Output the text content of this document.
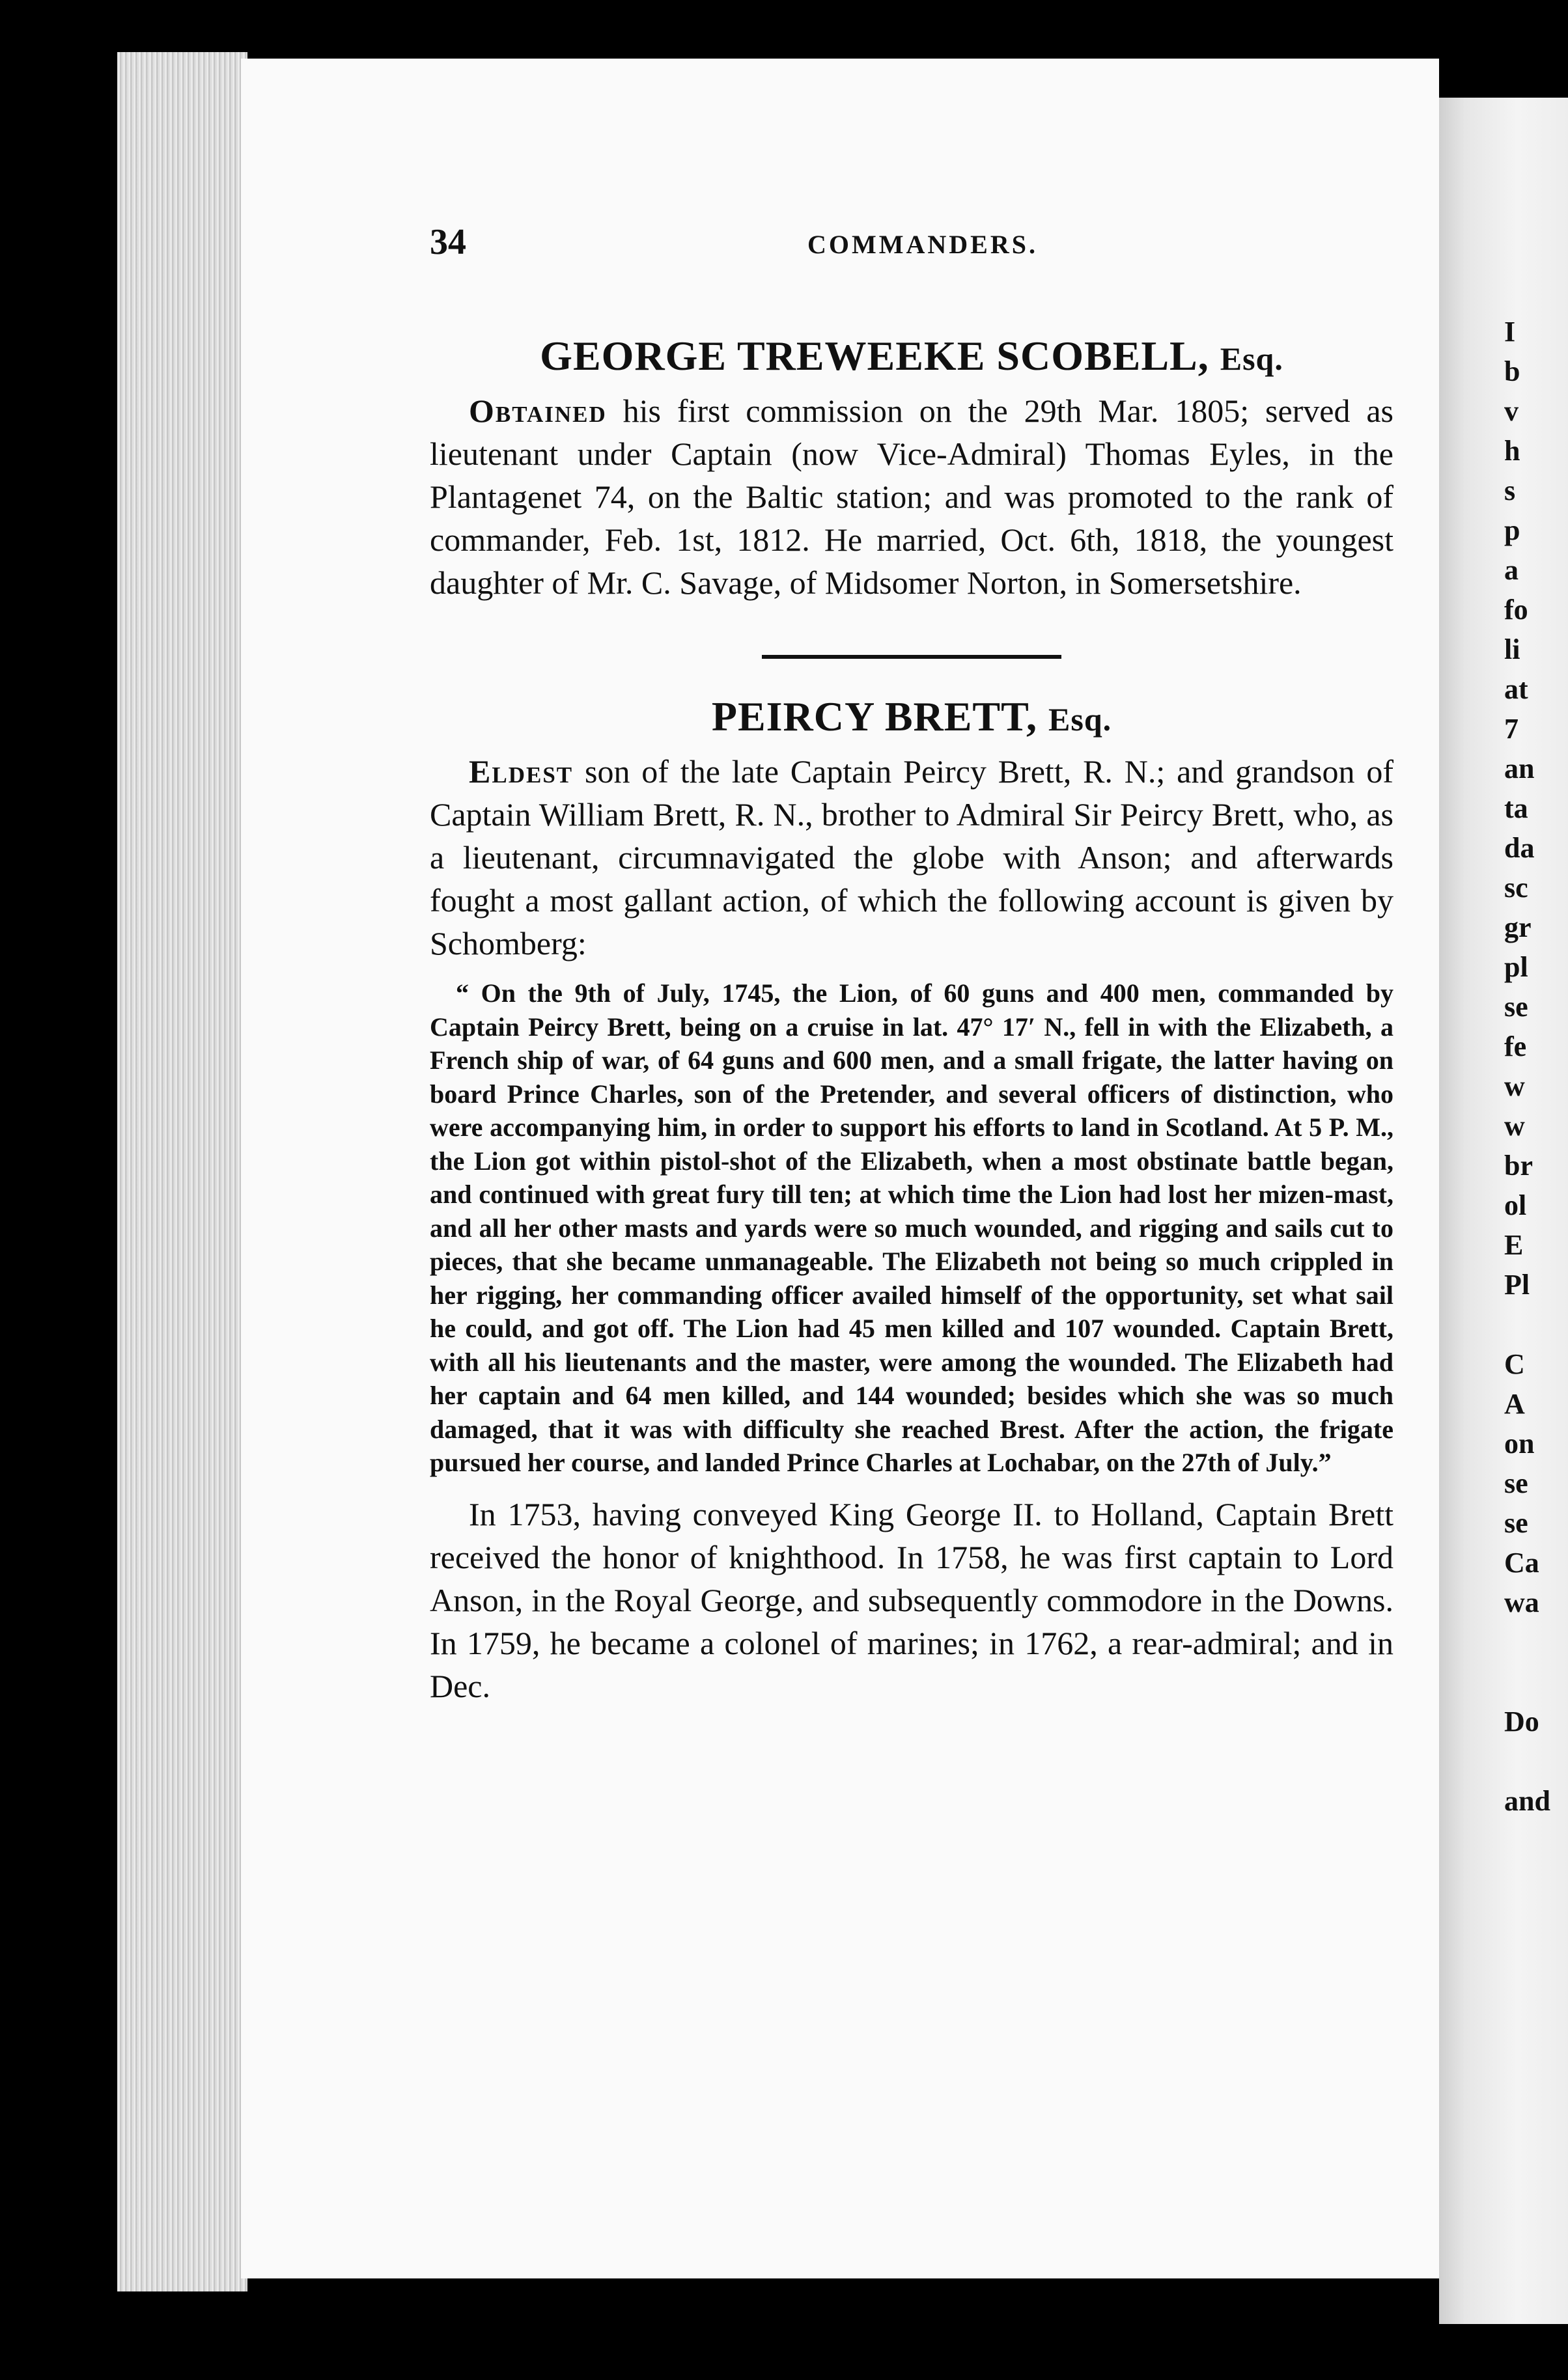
34	COMMANDERS.
GEORGE TREWEEKE SCOBELL, Esq.

Obtained his first commission on the 29th Mar. 1805; served as lieutenant under Captain (now Vice-Admiral) Thomas Eyles, in the Plantagenet 74, on the Baltic station; and was promoted to the rank of commander, Feb. 1st, 1812. He married, Oct. 6th, 1818, the youngest daughter of Mr. C. Savage, of Midsomer Norton, in Somersetshire.

PEIRCY BRETT, Esq.

Eldest son of the late Captain Peircy Brett, R. N.; and grandson of Captain William Brett, R. N., brother to Admiral Sir Peircy Brett, who, as a lieutenant, circumnavigated the globe with Anson; and afterwards fought a most gallant action, of which the following account is given by Schomberg:

“ On the 9th of July, 1745, the Lion, of 60 guns and 400 men, commanded by Captain Peircy Brett, being on a cruise in lat. 47° 17′ N., fell in with the Elizabeth, a French ship of war, of 64 guns and 600 men, and a small frigate, the latter having on board Prince Charles, son of the Pretender, and several officers of distinction, who were accompanying him, in order to support his efforts to land in Scotland. At 5 P. M., the Lion got within pistol-shot of the Elizabeth, when a most obstinate battle began, and continued with great fury till ten; at which time the Lion had lost her mizen-mast, and all her other masts and yards were so much wounded, and rigging and sails cut to pieces, that she became unmanageable. The Elizabeth not being so much crippled in her rigging, her commanding officer availed himself of the opportunity, set what sail he could, and got off. The Lion had 45 men killed and 107 wounded. Captain Brett, with all his lieutenants and the master, were among the wounded. The Elizabeth had her captain and 64 men killed, and 144 wounded; besides which she was so much damaged, that it was with difficulty she reached Brest. After the action, the frigate pursued her course, and landed Prince Charles at Lochabar, on the 27th of July.”

In 1753, having conveyed King George II. to Holland, Captain Brett received the honor of knighthood. In 1758, he was first captain to Lord Anson, in the Royal George, and subsequently commodore in the Downs. In 1759, he became a colonel of marines; in 1762, a rear-admiral; and in Dec.

I
b
v
h
s
p
a
fo
li
at
7
an
ta
da
sc
gr
pl
se
fe
w
w
br
ol
E
Pl
C
A
on
se
se
Ca
wa
Do
and
